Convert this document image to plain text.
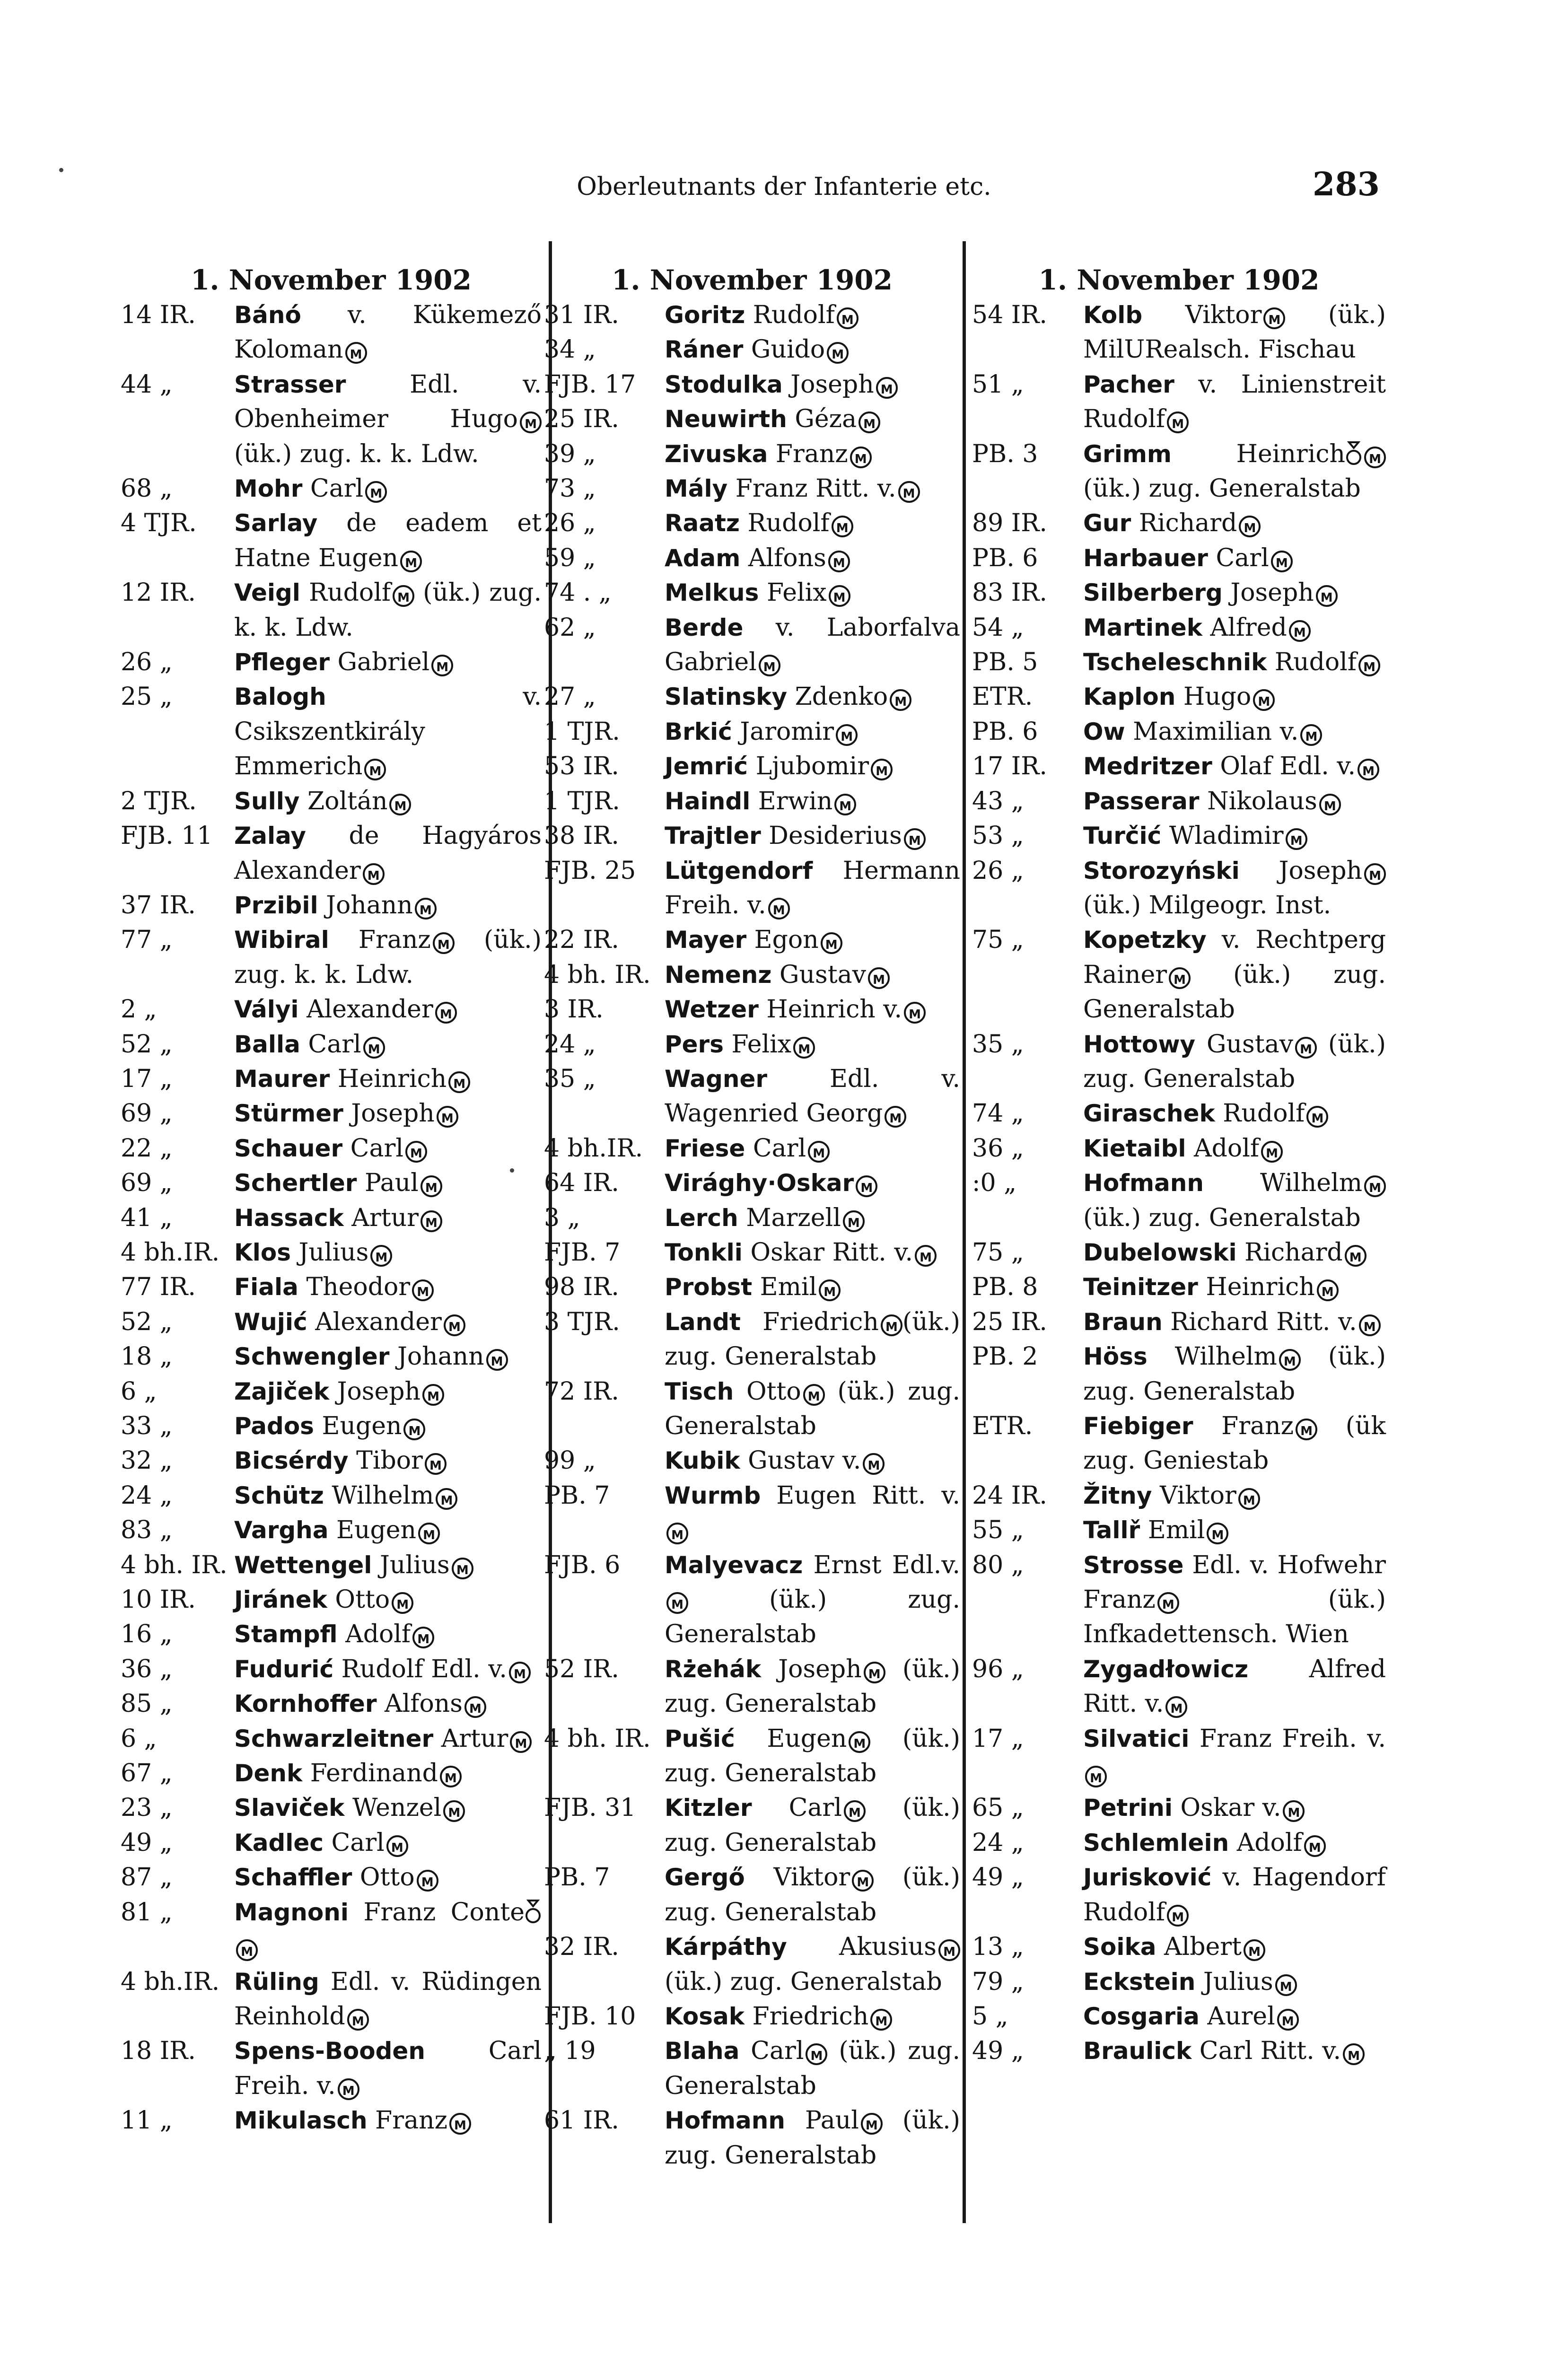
Oberleutnants der Infanterie etc.	283
1. November 1902
14 IR. Bánó v. Kükemező Koloman M
44 „	Strasser Edl. v. Obenheimer Hugo M (ük.) zug. k. k. Ldw.
68 „	Mohr Carl M
4 TJR. Sarlay de eadem et Hatne Eugen M
12 IR. Veigl Rudolf M (ük.) zug. k. k. Ldw.
26 „	Pfleger Gabriel M
25 „	Balogh v. Csikszentkirály Emmerich M
2 TJR. Sully Zoltán M
FJB. 11 Zalay de Hagyáros Alexander M
37 IR. Przibil Johann M
77 „	Wibiral Franz M (ük.) zug. k. k. Ldw.
2 „	Vályi Alexander M
52 „	Balla Carl M
17 „	Maurer Heinrich M
69 „	Stürmer Joseph M
22 „	Schauer Carl M
69 „	Schertler Paul M
41 „	Hassack Artur M
4 bh.IR. Klos Julius M
77 IR. Fiala Theodor M
52 „	Wujić Alexander M
18 „	Schwengler Johann M
6 „	Zajiček Joseph M
33 „	Pados Eugen M
32 „	Bicsérdy Tibor M
24 „	Schütz Wilhelm M
83 „	Vargha Eugen M
4 bh. IR. Wettengel Julius M
10 IR. Jiránek Otto M
16 „	Stampfl Adolf M
36 „	Fudurić Rudolf Edl. v. M
85 „	Kornhoffer Alfons M
6 „	Schwarzleitner Artur M
67 „	Denk Ferdinand M
23 „	Slaviček Wenzel M
49 „	Kadlec Carl M
87 „	Schaffler Otto M
81 „	Magnoni Franz ConteM
4 bh.IR. Rüling Edl. v. Rüdingen Reinhold M
18 IR. Spens-Booden Carl Freih. v. M
11 „	Mikulasch Franz M
1. November 1902
31 IR. Goritz Rudolf M
34 „	Ráner Guido M
FJB. 17 Stodulka Joseph M
25 IR. Neuwirth Géza M
39 „	Zivuska Franz M
73 „	Mály Franz Ritt. v. M
26 „	Raatz Rudolf M
59 „	Adam Alfons M
74 . „ Melkus Felix M
62 „	Berde v. Laborfalva Gabriel M
27 „	Slatinsky Zdenko M
1 TJR. Brkić Jaromir M
53 IR. Jemrić Ljubomir M
1 TJR. Haindl Erwin M
38 IR. Trajtler Desiderius M
FJB. 25 Lütgendorf Hermann Freih. v. M
22 IR. Mayer Egon M
4 bh. IR. Nemenz Gustav M
3 IR.	Wetzer Heinrich v. M
24 „	Pers Felix M
35 „	Wagner Edl. v. Wagenried Georg M
4 bh.IR. Friese Carl M
64 IR. Virághy·Oskar M
3 „	Lerch Marzell M
FJB. 7 Tonkli Oskar Ritt. v. M
98 IR. Probst Emil M
3 TJR. Landt Friedrich M (ük.) zug. Generalstab
72 IR. Tisch Otto M (ük.) zug. Generalstab
99 „	Kubik Gustav v. M
PB. 7 Wurmb Eugen Ritt. v.M
FJB. 6 Malyevacz Ernst Edl.v.M (ük.) zug. Generalstab
52 IR. Rżehák Joseph M (ük.) zug. Generalstab
4 bh. IR. Pušić Eugen M (ük.) zug. Generalstab
FJB. 31 Kitzler Carl M (ük.) zug. Generalstab
PB. 7 Gergő Viktor M (ük.) zug. Generalstab
32 IR. Kárpáthy Akusius M (ük.) zug. Generalstab
FJB. 10 Kosak Friedrich M
„ 19	Blaha Carl M (ük.) zug. Generalstab
61 IR. Hofmann Paul M (ük.) zug. Generalstab
1. November 1902
54 IR. Kolb Viktor M (ük.) MilURealsch. Fischau
51 „	Pacher v. Linienstreit Rudolf M
PB. 3 Grimm Heinrich M (ük.) zug. Generalstab
89 IR. Gur Richard M
PB. 6 Harbauer Carl M
83 IR. Silberberg Joseph M
54 „	Martinek Alfred M
PB. 5 Tscheleschnik Rudolf M
ETR. Kaplon Hugo M
PB. 6 Ow Maximilian v. M
17 IR. Medritzer Olaf Edl. v. M
43 „	Passerar Nikolaus M
53 „	Turčić Wladimir M
26 „	Storozyński Joseph M (ük.) Milgeogr. Inst.
75 „	Kopetzky v. Rechtperg Rainer M (ük.) zug. Generalstab
35 „	Hottowy Gustav M (ük.) zug. Generalstab
74 „	Giraschek Rudolf M
36 „	Kietaibl Adolf M
:0 „	Hofmann Wilhelm M (ük.) zug. Generalstab
75 „	Dubelowski Richard M
PB. 8 Teinitzer Heinrich M
25 IR. Braun Richard Ritt. v. M
PB. 2 Höss Wilhelm M (ük.) zug. Generalstab
ETR. Fiebiger Franz M (ük zug. Geniestab
24 IR. Žitny Viktor M
55 „	Tallř Emil M
80 „	Strosse Edl. v. Hofwehr Franz M (ük.) Infkadettensch. Wien
96 „	Zygadłowicz Alfred Ritt. v. M
17 „	Silvatici Franz Freih. v.M
65 „	Petrini Oskar v. M
24 „	Schlemlein Adolf M
49 „	Jurisković v. Hagendorf Rudolf M
13 „	Soika Albert M
79 „	Eckstein Julius M
5 „	Cosgaria Aurel M
49 „	Braulick Carl Ritt. v. M
